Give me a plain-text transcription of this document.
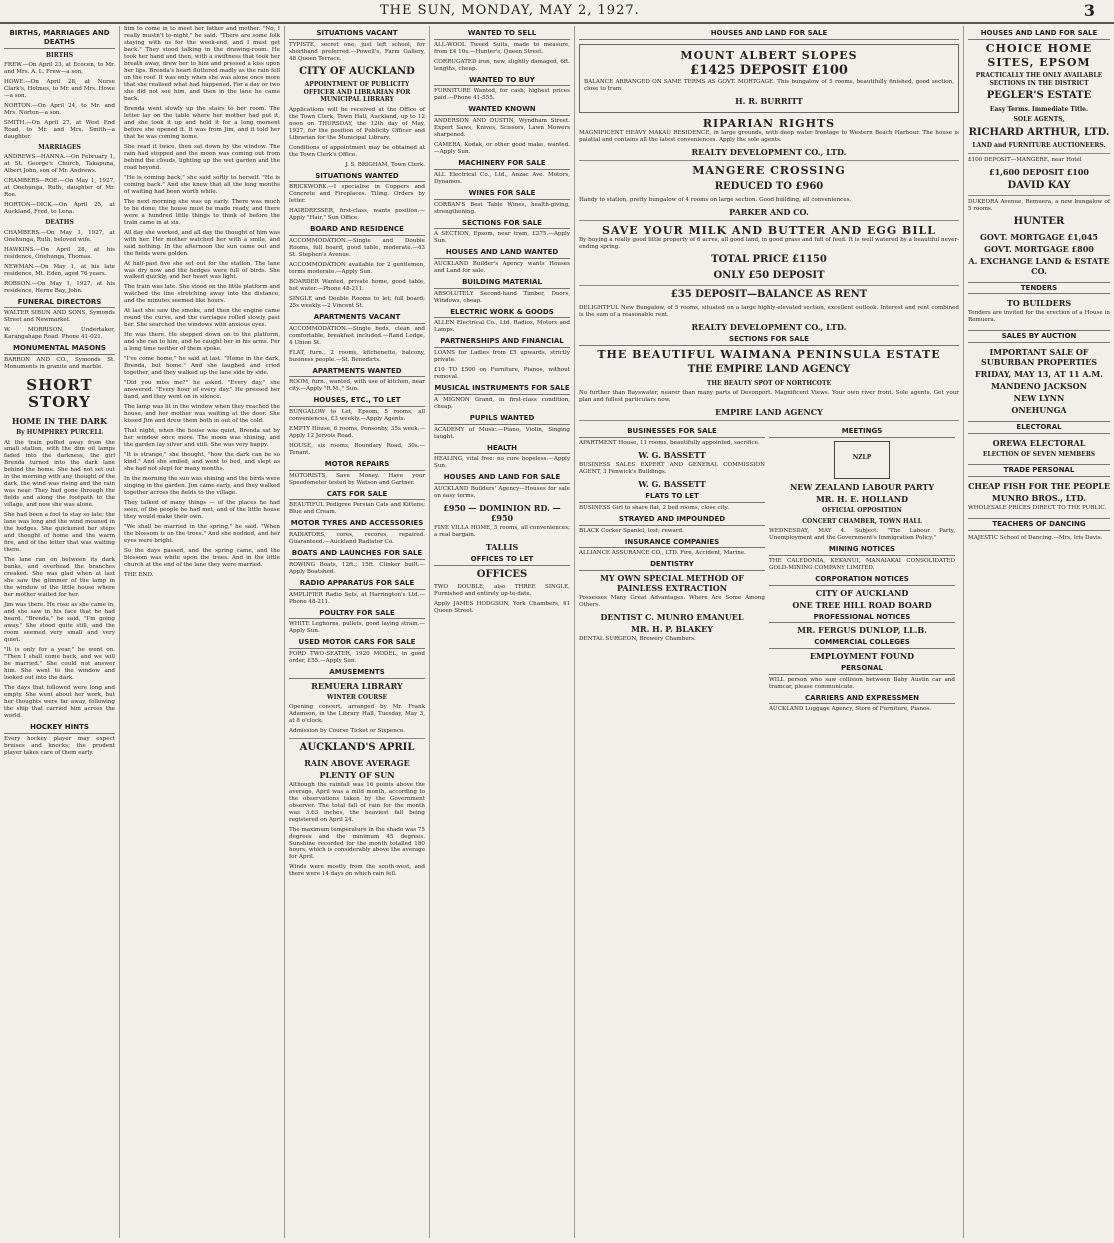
THE SUN, MONDAY, MAY 2, 1927.	3
BIRTHS, MARRIAGES AND DEATHS
BIRTHS
FREW.—On April 23, at Ecocen, to Mr. and Mrs. A. L. Frew—a son.
HOWE.—On April 28, at Nurse Clark's, Holmes, to Mr. and Mrs. Howe—a son.
NORTON.—On April 24, to Mr. and Mrs. Norton—a son.
SMITH.—On April 27, at West End Road, to Mr. and Mrs. Smith—a daughter.
MARRIAGES
ANDREWS—HANNA.—On February 1, at St. George's Church, Takapuna, Albert John, son of Mr. Andrews.
CHAMBERS—ROE.—On May 1, 1927, at Onehunga, Ruth, daughter of Mr. Roe.
HORTON—DICK.—On April 25, at Auckland, Fred, to Lena.
DEATHS
CHAMBERS.—On May 1, 1927, at Onehunga, Ruth, beloved wife.
HAWKINS.—On April 28, at his residence, Onehunga, Thomas.
NEWMAN.—On May 1, at his late residence, Mt. Eden, aged 76 years.
ROBSON.—On May 1, 1927, at his residence, Herne Bay, John.
FUNERAL DIRECTORS
WALTER SIBUN AND SONS, Symonds Street and Newmarket.
W. MORRISON, Undertaker, Karangahape Road. Phone 41-021.
MONUMENTAL MASONS
BARRON AND CO., Symonds St. Monuments in granite and marble.
SHORT STORY
HOME IN THE DARK
By HUMPHREY PURCELL
At the train puffed away from the small station, with the dim oil lamps faded into the darkness, the girl Brenda turned into the dark lane behind the home. She had not set out in the morning with any thought of the dark, the wind was rising and the rain was near. They had gone through the fields and along the footpath to the village, and now she was alone.
She had been a fool to stay so late; the lane was long and the wind moaned in the hedges. She quickened her steps and thought of home and the warm fire, and of the letter that was waiting there.
The lane ran on between its dark banks, and overhead the branches creaked. She was glad when at last she saw the glimmer of the lamp in the window of the little house where her mother waited for her.
Jim was there. He rose as she came in, and she saw in his face that he had heard. "Brenda," he said, "I'm going away." She stood quite still, and the room seemed very small and very quiet.
"It is only for a year," he went on. "Then I shall come back, and we will be married." She could not answer him. She went to the window and looked out into the dark.
The days that followed were long and empty. She went about her work, but her thoughts were far away, following the ship that carried him across the world.
HOCKEY HINTS
Every hockey player may expect bruises and knocks; the prudent player takes care of them early.
him to come in to meet her father and mother. "No, I really mustn't to-night," he said. "There are some folk staying with us for the week-end, and I must get back." They stood talking in the drawing-room. He took her hand and then, with a swiftness that took her breath away, drew her to him and pressed a kiss upon her lips. Brenda's heart fluttered madly as the rain fell on the roof. It was only when she was alone once more that she realised what had happened. For a day or two she did not see him, and then in the lane he came back.
Brenda went slowly up the stairs to her room. The letter lay on the table where her mother had put it, and she took it up and held it for a long moment before she opened it. It was from Jim, and it told her that he was coming home.
She read it twice, then sat down by the window. The rain had stopped and the moon was coming out from behind the clouds, lighting up the wet garden and the road beyond.
"He is coming back," she said softly to herself. "He is coming back." And she knew that all the long months of waiting had been worth while.
The next morning she was up early. There was much to be done; the house must be made ready, and there were a hundred little things to think of before the train came in at six.
All day she worked, and all day the thought of him was with her. Her mother watched her with a smile, and said nothing. In the afternoon the sun came out and the fields were golden.
At half-past five she set out for the station. The lane was dry now and the hedges were full of birds. She walked quickly, and her heart was light.
The train was late. She stood on the little platform and watched the line stretching away into the distance, and the minutes seemed like hours.
At last she saw the smoke, and then the engine came round the curve, and the carriages rolled slowly past her. She searched the windows with anxious eyes.
He was there. He stepped down on to the platform, and she ran to him, and he caught her in his arms. For a long time neither of them spoke.
"I've come home," he said at last. "Home in the dark, Brenda, but home." And she laughed and cried together, and they walked up the lane side by side.
"Did you miss me?" he asked. "Every day," she answered. "Every hour of every day." He pressed her hand, and they went on in silence.
The lamp was lit in the window when they reached the house, and her mother was waiting at the door. She kissed Jim and drew them both in out of the cold.
That night, when the house was quiet, Brenda sat by her window once more. The moon was shining, and the garden lay silver and still. She was very happy.
"It is strange," she thought, "how the dark can be so kind." And she smiled, and went to bed, and slept as she had not slept for many months.
In the morning the sun was shining and the birds were singing in the garden. Jim came early, and they walked together across the fields to the village.
They talked of many things — of the places he had seen, of the people he had met, and of the little house they would make their own.
"We shall be married in the spring," he said. "When the blossom is on the trees." And she nodded, and her eyes were bright.
So the days passed, and the spring came, and the blossom was white upon the trees. And in the little church at the end of the lane they were married.
THE END.
SITUATIONS VACANT
TYPISTE, secret one, just left school, for shorthand preferred.—Powell's, Farm Gallery, 48 Queen Terrace.
CITY OF AUCKLAND
APPOINTMENT OF PUBLICITY OFFICER AND LIBRARIAN FOR MUNICIPAL LIBRARY
Applications will be received at the Office of the Town Clerk, Town Hall, Auckland, up to 12 noon on THURSDAY, the 12th day of May, 1927, for the position of Publicity Officer and Librarian for the Municipal Library.
Conditions of appointment may be obtained at the Town Clerk's Office.
J. S. BRIGHAM, Town Clerk.
SITUATIONS WANTED
BRICKWORK.—I specialise in Coppers and Concrete and Fireplaces. Tiling. Orders by letter.
HAIRDRESSER, first-class, wants position.—Apply "Hair," Sun Office.
BOARD AND RESIDENCE
ACCOMMODATION.—Single and Double Rooms, full board, good table, moderate.—43 St. Stephen's Avenue.
ACCOMMODATION available for 2 gentlemen, terms moderate.—Apply Sun.
BOARDER Wanted, private home, good table, hot water.—Phone 48-211.
SINGLE and Double Rooms to let; full board; 25s weekly.—2 Vincent St.
APARTMENTS VACANT
ACCOMMODATION.—Single beds, clean and comfortable, breakfast included.—Rand Lodge, 4 Union St.
FLAT, furn., 2 rooms, kitchenette, balcony, business people.—St. Benedicts.
APARTMENTS WANTED
ROOM, furn., wanted, with use of kitchen, near city.—Apply "R.M.," Sun.
HOUSES, ETC., TO LET
BUNGALOW to Let, Epsom, 5 rooms, all conveniences, £3 weekly.—Apply Agents.
EMPTY House, 6 rooms, Ponsonby, 35s week.—Apply 12 Jervois Road.
HOUSE, six rooms, Boundary Road, 30s.—Tenant.
MOTOR REPAIRS
MOTORISTS, Save Money. Have your Speedometer tested by Watson and Gartner.
CATS FOR SALE
BEAUTIFUL Pedigree Persian Cats and Kittens; Blue and Cream.
MOTOR TYRES AND ACCESSORIES
RADIATORS, cores, recores, repaired. Guaranteed.—Auckland Radiator Co.
BOATS AND LAUNCHES FOR SALE
ROWING Boats, 12ft.; 15ft. Clinker built.—Apply Boatshed.
RADIO APPARATUS FOR SALE
AMPLIFIER Radio Sets, at Harrington's Ltd.—Phone 48-211.
POULTRY FOR SALE
WHITE Leghorns, pullets, good laying strain.—Apply Sun.
USED MOTOR CARS FOR SALE
FORD TWO-SEATER, 1920 MODEL, in good order, £55.—Apply Sun.
AMUSEMENTS
REMUERA LIBRARY
WINTER COURSE
Opening concert, arranged by Mr. Frank Adamson, in the Library Hall, Tuesday, May 3, at 8 o'clock.
Admission by Course Ticket or Sixpence.
AUCKLAND'S APRIL
RAIN ABOVE AVERAGE
PLENTY OF SUN
Although the rainfall was 16 points above the average, April was a mild month, according to the observations taken by the Government observer. The total fall of rain for the month was 3.63 inches, the heaviest fall being registered on April 24.
The maximum temperature in the shade was 75 degrees and the minimum 45 degrees. Sunshine recorded for the month totalled 180 hours, which is considerably above the average for April.
Winds were mostly from the south-west, and there were 14 days on which rain fell.
WANTED TO SELL
ALL-WOOL Tweed Suits, made to measure, from £4 10s.—Hunter's, Queen Street.
CORRUGATED iron, new, slightly damaged, 6ft. lengths, cheap.
WANTED TO BUY
FURNITURE Wanted, for cash; highest prices paid.—Phone 41-555.
WANTED KNOWN
ANDERSON AND DUSTIN, Wyndham Street. Expert Saws, Knives, Scissors, Lawn Mowers sharpened.
CAMERA, Kodak, or other good make, wanted.—Apply Sun.
MACHINERY FOR SALE
ALL Electrical Co., Ltd., Anzac Ave. Motors, Dynamos.
WINES FOR SALE
CORBAN'S Best Table Wines, health-giving, strengthening.
SECTIONS FOR SALE
A SECTION, Epsom, near tram, £275.—Apply Sun.
HOUSES AND LAND WANTED
AUCKLAND Builder's Agency wants Houses and Land for sale.
BUILDING MATERIAL
ABSOLUTELY Second-hand Timber, Doors, Windows, cheap.
ELECTRIC WORK & GOODS
ALLEN Electrical Co., Ltd. Radios, Motors and Lamps.
PARTNERSHIPS AND FINANCIAL
LOANS for Ladies from £5 upwards, strictly private.
£10 TO £500 on Furniture, Pianos, without removal.
MUSICAL INSTRUMENTS FOR SALE
A MIGNON Grand, in first-class condition, cheap.
PUPILS WANTED
ACADEMY of Music.—Piano, Violin, Singing taught.
HEALTH
HEALING, vital free: no cure hopeless.—Apply Sun.
HOUSES AND LAND FOR SALE
AUCKLAND Builders' Agency—Houses for sale on easy terms.
£950 — DOMINION RD. — £950
FINE VILLA HOME, 5 rooms, all conveniences; a real bargain.
TALLIS
OFFICES TO LET
OFFICES
TWO DOUBLE, also THREE SINGLE, Furnished and entirely up-to-date.
Apply JAMES HODGSON, York Chambers, 41 Queen Street.
HOUSES AND LAND FOR SALE
MOUNT ALBERT SLOPES
£1425 DEPOSIT £100
BALANCE ARRANGED ON SAME TERMS AS GOVT. MORTGAGE. This bungalow of 5 rooms, beautifully finished, good section, close to tram.
H. R. BURRITT
RIPARIAN RIGHTS
MAGNIFICENT HEAVY MAKAU RESIDENCE, in large grounds, with deep water frontage to Western Beach Harbour. The house is palatial and contains all the latest conveniences. Apply the sole agents.
REALTY DEVELOPMENT CO., LTD.
MANGERE CROSSING
REDUCED TO £960
Handy to station, pretty bungalow of 4 rooms on large section. Good building, all conveniences.
PARKER AND CO.
SAVE YOUR MILK AND BUTTER AND EGG BILL
By buying a really good little property of 6 acres, all good land, in good grass and full of feed. It is well watered by a beautiful never-ending spring.
TOTAL PRICE £1150
ONLY £50 DEPOSIT
£35 DEPOSIT—BALANCE AS RENT
DELIGHTFUL New Bungalow, of 5 rooms, situated on a large highly-elevated section, excellent outlook. Interest and rent combined is the sum of a reasonable rent.
REALTY DEVELOPMENT CO., LTD.
SECTIONS FOR SALE
THE BEAUTIFUL WAIMANA PENINSULA ESTATE
THE EMPIRE LAND AGENCY
THE BEAUTY SPOT OF NORTHCOTE
No further than Bayswater, nearer than many parts of Devonport. Magnificent Views. Your own river front. Sole agents. Get your plan and fullest particulars now.
EMPIRE LAND AGENCY
BUSINESSES FOR SALE
APARTMENT House, 11 rooms, beautifully appointed, sacrifice.
W. G. BASSETT
BUSINESS SALES EXPERT AND GENERAL COMMISSION AGENT, 3 Fenwick's Buildings.
W. G. BASSETT
FLATS TO LET
BUSINESS Girl to share flat, 2 bed rooms, close city.
STRAYED AND IMPOUNDED
BLACK Cocker Spaniel, lost; reward.
INSURANCE COMPANIES
ALLIANCE ASSURANCE CO., LTD. Fire, Accident, Marine.
DENTISTRY
MY OWN SPECIAL METHOD OF PAINLESS EXTRACTION
Possesses Many Great Advantages. Where Are Some Among Others.
DENTIST C. MUNRO EMANUEL
MR. H. P. BLAKEY
DENTAL SURGEON, Brewery Chambers.
MEETINGS
NZLP
NEW ZEALAND LABOUR PARTY
MR. H. E. HOLLAND
OFFICIAL OPPOSITION
CONCERT CHAMBER, TOWN HALL
WEDNESDAY, MAY 4. Subject: "The Labour Party, Unemployment and the Government's Immigration Policy."
MINING NOTICES
THE CALEDONIA, KEKANUI, MANAIAKAI CONSOLIDATED GOLD-MINING COMPANY LIMITED.
CORPORATION NOTICES
CITY OF AUCKLAND
ONE TREE HILL ROAD BOARD
PROFESSIONAL NOTICES
MR. FERGUS DUNLOP, LL.B.
COMMERCIAL COLLEGES
EMPLOYMENT FOUND
PERSONAL
WILL person who saw collision between Baby Austin car and tramcar, please communicate.
CARRIERS AND EXPRESSMEN
AUCKLAND Luggage Agency, Store of Furniture, Pianos.
HOUSES AND LAND FOR SALE
CHOICE HOME SITES, EPSOM
PRACTICALLY THE ONLY AVAILABLE SECTIONS IN THE DISTRICT
PEGLER'S ESTATE
Easy Terms. Immediate Title.
SOLE AGENTS,
RICHARD ARTHUR, LTD.
LAND and FURNITURE AUCTIONEERS.
£100 DEPOSIT—MANGERE, near Hotel
£1,600 DEPOSIT £100
DAVID KAY
DUKEORA Avenue, Remuera, a new bungalow of 5 rooms.
HUNTER
GOVT. MORTGAGE £1,045
GOVT. MORTGAGE £800
A. EXCHANGE LAND & ESTATE CO.
TENDERS
TO BUILDERS
Tenders are invited for the erection of a House in Remuera.
SALES BY AUCTION
IMPORTANT SALE OF SUBURBAN PROPERTIES
FRIDAY, MAY 13, AT 11 A.M.
MANDENO JACKSON
NEW LYNN
ONEHUNGA
ELECTORAL
OREWA ELECTORAL
ELECTION OF SEVEN MEMBERS
TRADE PERSONAL
CHEAP FISH FOR THE PEOPLE
MUNRO BROS., LTD.
WHOLESALE PRICES DIRECT TO THE PUBLIC.
TEACHERS OF DANCING
MAJESTIC School of Dancing.—Mrs. Iris Davis.
